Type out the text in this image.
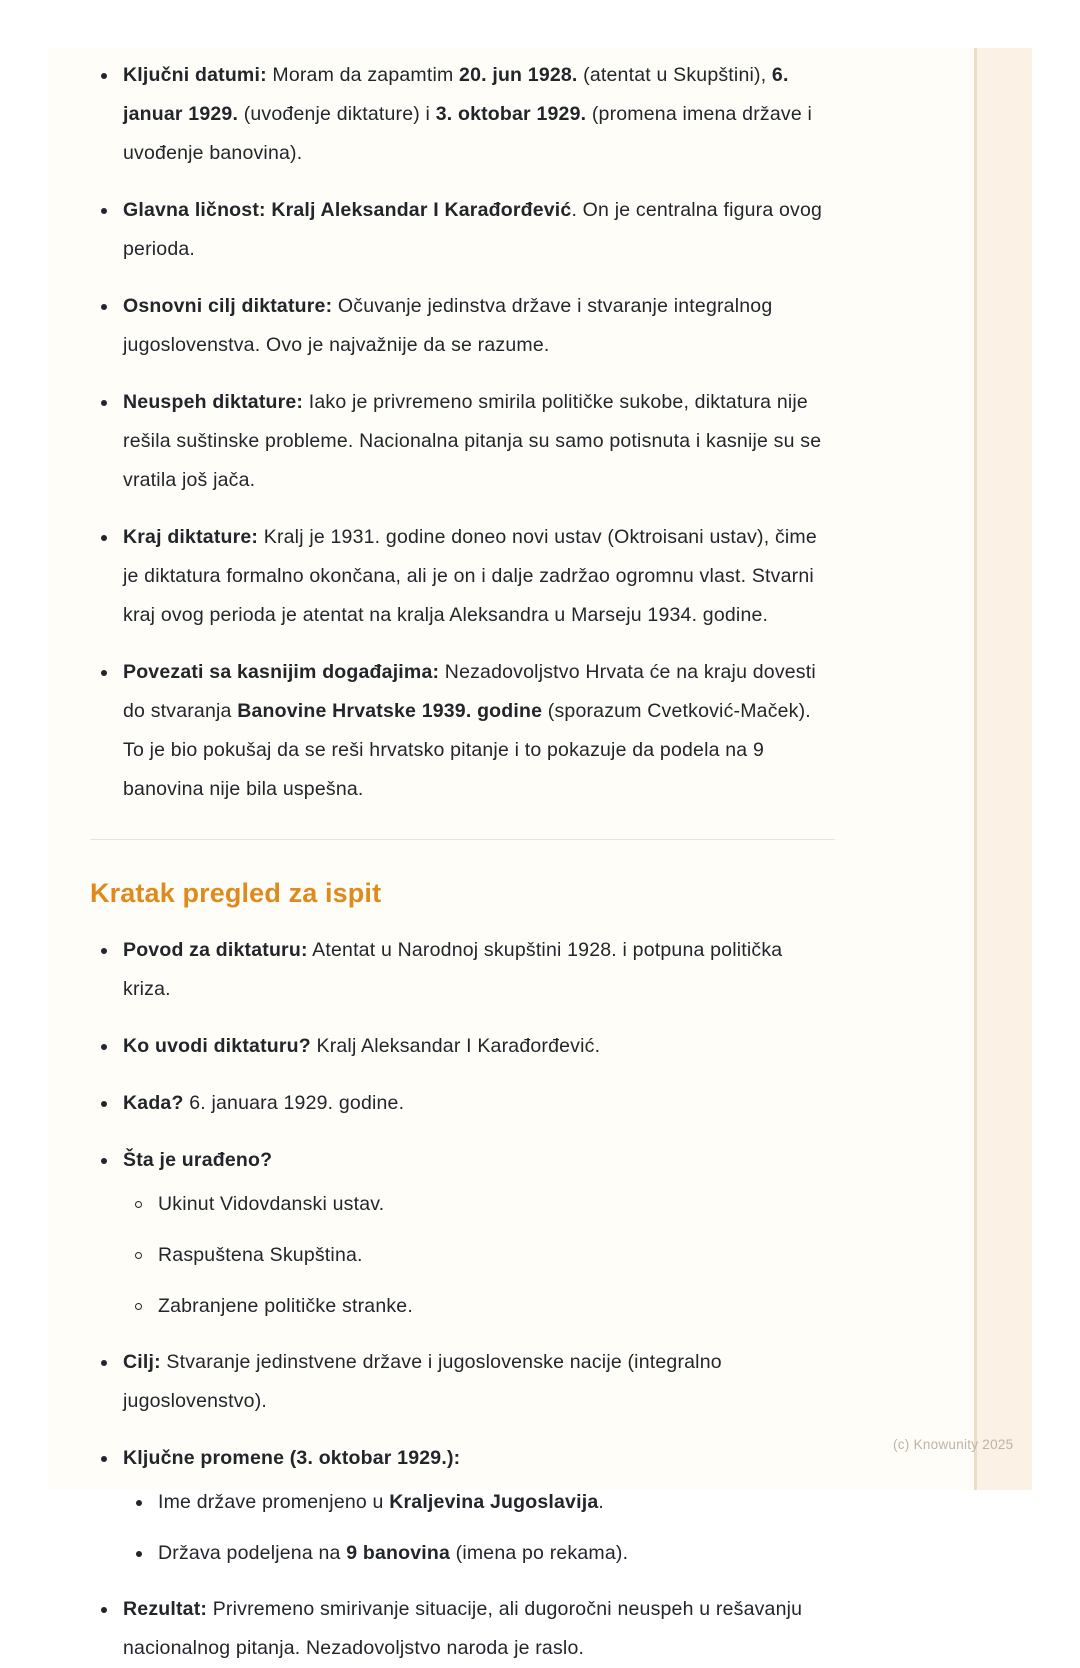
Ključni datumi: Moram da zapamtim 20. jun 1928. (atentat u Skupštini), 6. januar 1929. (uvođenje diktature) i 3. oktobar 1929. (promena imena države i uvođenje banovina).
Glavna ličnost: Kralj Aleksandar I Karađorđević. On je centralna figura ovog perioda.
Osnovni cilj diktature: Očuvanje jedinstva države i stvaranje integralnog jugoslovenstva. Ovo je najvažnije da se razume.
Neuspeh diktature: Iako je privremeno smirila političke sukobe, diktatura nije rešila suštinske probleme. Nacionalna pitanja su samo potisnuta i kasnije su se vratila još jača.
Kraj diktature: Kralj je 1931. godine doneo novi ustav (Oktroisani ustav), čime je diktatura formalno okončana, ali je on i dalje zadržao ogromnu vlast. Stvarni kraj ovog perioda je atentat na kralja Aleksandra u Marseju 1934. godine.
Povezati sa kasnijim događajima: Nezadovoljstvo Hrvata će na kraju dovesti do stvaranja Banovine Hrvatske 1939. godine (sporazum Cvetković-Maček). To je bio pokušaj da se reši hrvatsko pitanje i to pokazuje da podela na 9 banovina nije bila uspešna.
Kratak pregled za ispit
Povod za diktaturu: Atentat u Narodnoj skupštini 1928. i potpuna politička kriza.
Ko uvodi diktaturu? Kralj Aleksandar I Karađorđević.
Kada? 6. januara 1929. godine.
Šta je urađeno?
Ukinut Vidovdanski ustav.
Raspuštena Skupština.
Zabranjene političke stranke.
Cilj: Stvaranje jedinstvene države i jugoslovenske nacije (integralno jugoslovenstvo).
Ključne promene (3. oktobar 1929.):
Ime države promenjeno u Kraljevina Jugoslavija.
Država podeljena na 9 banovina (imena po rekama).
Rezultat: Privremeno smirivanje situacije, ali dugoročni neuspeh u rešavanju nacionalnog pitanja. Nezadovoljstvo naroda je raslo.
(c) Knowunity 2025
